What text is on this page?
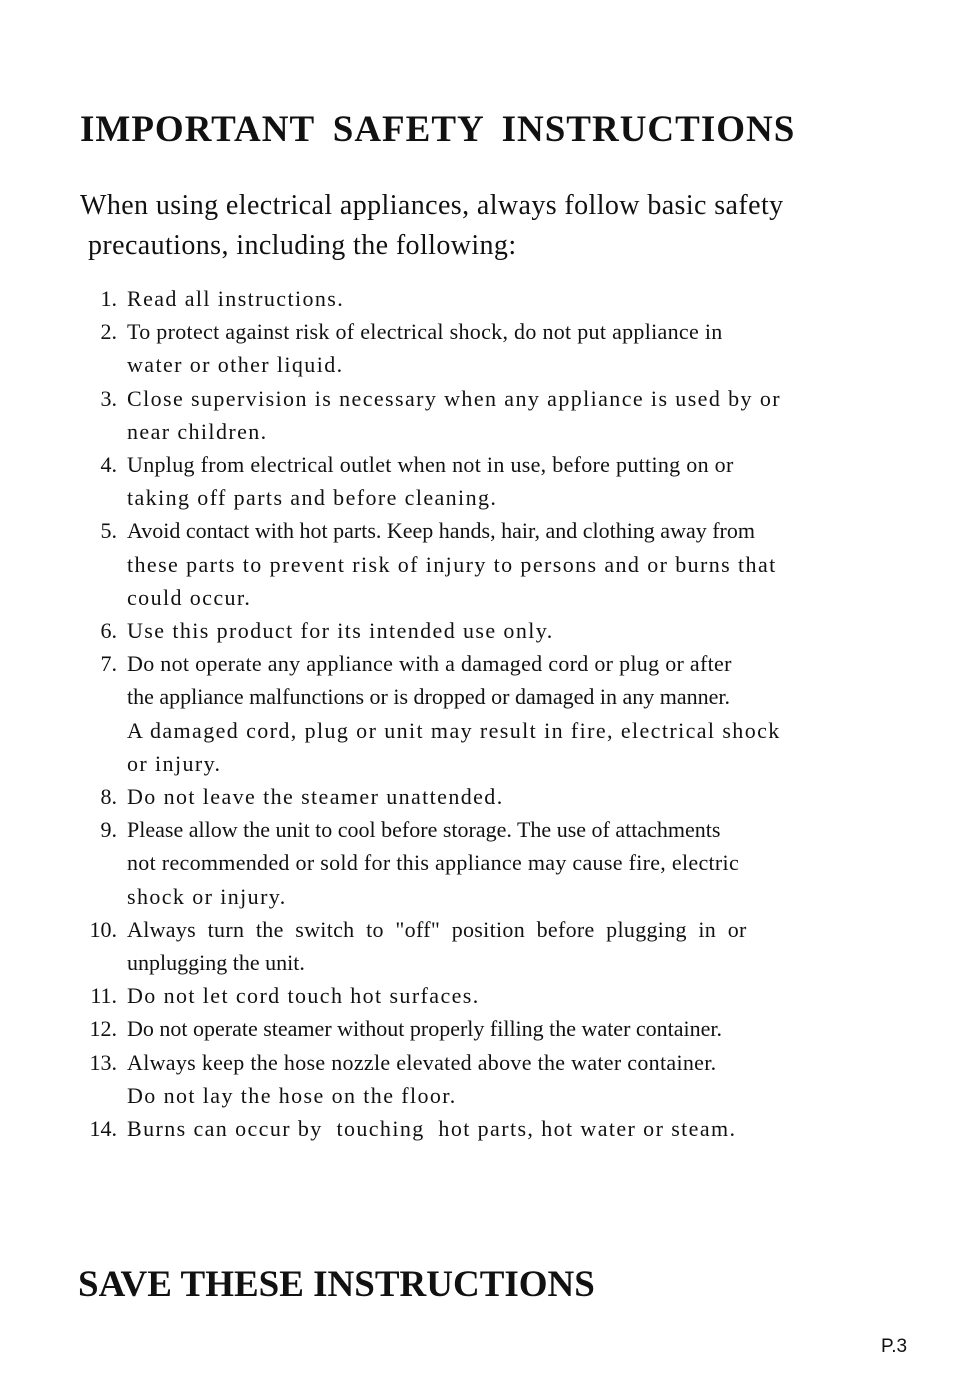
IMPORTANT SAFETY INSTRUCTIONS

When using electrical appliances, always follow basic safety
precautions, including the following:

1. Read all instructions.
2. To protect against risk of electrical shock, do not put appliance in
water or other liquid.
3. Close supervision is necessary when any appliance is used by or
near children.
4. Unplug from electrical outlet when not in use, before putting on or
taking off parts and before cleaning.
5. Avoid contact with hot parts. Keep hands, hair, and clothing away from
these parts to prevent risk of injury to persons and or burns that
could occur.
6. Use this product for its intended use only.
7. Do not operate any appliance with a damaged cord or plug or after
the appliance malfunctions or is dropped or damaged in any manner.
A damaged cord, plug or unit may result in fire, electrical shock
or injury.
8. Do not leave the steamer unattended.
9. Please allow the unit to cool before storage. The use of attachments
not recommended or sold for this appliance may cause fire, electric
shock or injury.
10. Always  turn  the  switch  to  "off"  position  before  plugging  in  or
unplugging the unit.
11. Do not let cord touch hot surfaces.
12. Do not operate steamer without properly filling the water container.
13. Always keep the hose nozzle elevated above the water container.
Do not lay the hose on the floor.
14. Burns can occur by  touching  hot parts, hot water or steam.
SAVE THESE INSTRUCTIONS
P.3
